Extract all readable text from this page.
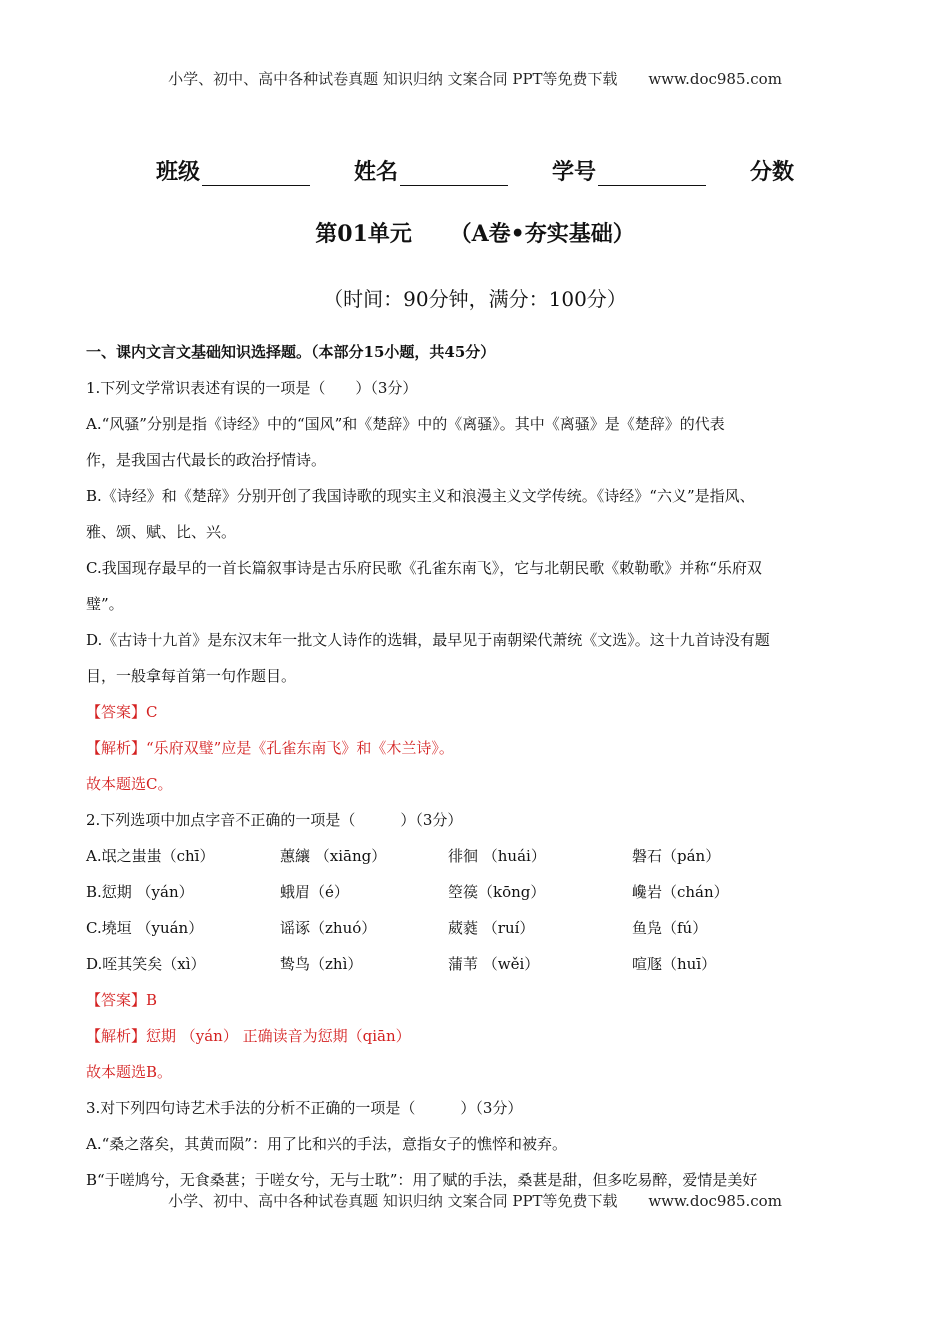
小学、初中、高中各种试卷真题 知识归纳 文案合同 PPT等免费下载 www.doc985.com
班级	姓名	学号	分数
第01单元 （A卷•夯实基础）
（时间：90分钟，满分：100分）

一、课内文言文基础知识选择题。（本部分15小题，共45分）

1.下列文学常识表述有误的一项是（　　）（3分）

A.“风骚”分别是指《诗经》中的“国风”和《楚辞》中的《离骚》。其中《离骚》是《楚辞》的代表

作，是我国古代最长的政治抒情诗。

B.《诗经》和《楚辞》分别开创了我国诗歌的现实主义和浪漫主义文学传统。《诗经》“六义”是指风、

雅、颂、赋、比、兴。

C.我国现存最早的一首长篇叙事诗是古乐府民歌《孔雀东南飞》，它与北朝民歌《敕勒歌》并称“乐府双

璧”。

D.《古诗十九首》是东汉末年一批文人诗作的选辑，最早见于南朝梁代萧统《文选》。这十九首诗没有题

目，一般拿每首第一句作题目。

【答案】C

【解析】“乐府双璧”应是《孔雀东南飞》和《木兰诗》。

故本题选C。

2.下列选项中加点字音不正确的一项是（　　　）（3分）

A.氓之蚩蚩（chī）	蕙纕 （xiāng）	徘徊 （huái）	磐石（pán）
B.愆期 （yán）	蛾眉（é）	箜篌（kōng）	巉岩（chán）
C.墝垣 （yuán）	谣诼（zhuó）	葳蕤 （ruí）	鱼凫（fú）
D.咥其笑矣（xì）	鸷鸟（zhì）	蒲苇 （wěi）	喧豗（huī）

【答案】B

【解析】愆期 （yán） 正确读音为愆期（qiān）

故本题选B。

3.对下列四句诗艺术手法的分析不正确的一项是（　　　）（3分）

A.“桑之落矣，其黄而陨”：用了比和兴的手法，意指女子的憔悴和被弃。

B“于嗟鸠兮，无食桑葚；于嗟女兮，无与士耽”：用了赋的手法，桑葚是甜，但多吃易醉，爱情是美好

小学、初中、高中各种试卷真题 知识归纳 文案合同 PPT等免费下载 www.doc985.com
